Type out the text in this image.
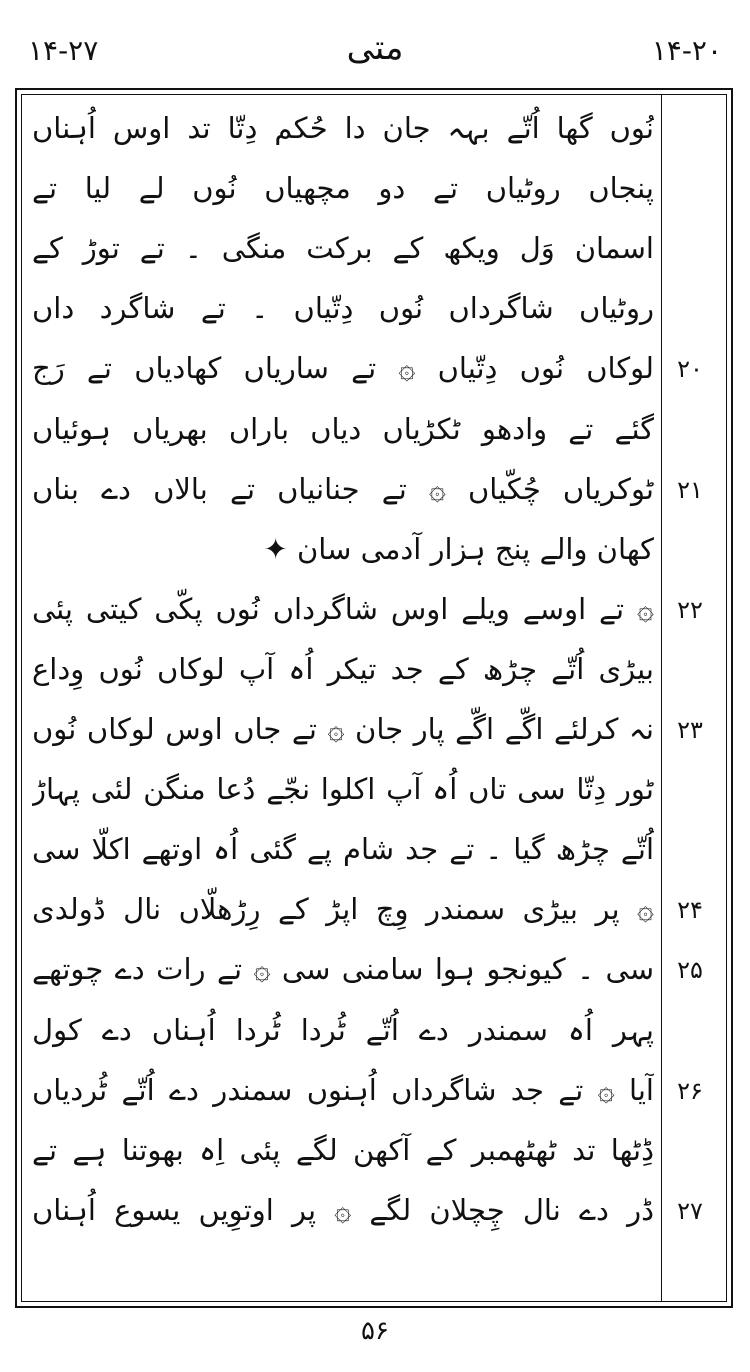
۱۴-۲۷	متی	۱۴-۲۰
۲۰
۲۱
۲۲
۲۳
۲۴
۲۵
۲۶
۲۷
نُوں گھا اُتّے بہہ جان دا حُکم دِتّا تد اوس اُہناں
پنجاں روٹیاں تے دو مچھیاں نُوں لے لیا تے
اسمان وَل ویکھ کے برکت منگی ۔ تے توڑ کے
روٹیاں شاگرداں نُوں دِتّیاں ۔ تے شاگرد داں
لوکاں نُوں دِتّیاں ۞ تے ساریاں کھادیاں تے رَج
گئے تے وادھو ٹکڑیاں دیاں باراں بھریاں ہوئیاں
ٹوکریاں چُکّیاں ۞ تے جنانیاں تے بالاں دے بناں
کھان والے پنج ہزار آدمی سان ✦
۞ تے اوسے ویلے اوس شاگرداں نُوں پکّی کیتی پئی
بیڑی اُتّے چڑھ کے جد تیکر اُہ آپ لوکاں نُوں وِداع
نہ کرلئے اگّے اگّے پار جان ۞ تے جاں اوس لوکاں نُوں
ٹور دِتّا سی تاں اُہ آپ اکلوا نجّے دُعا منگن لئی پہاڑ
اُتّے چڑھ گیا ۔ تے جد شام پے گئی اُہ اوتھے اکلّا سی
۞ پر بیڑی سمندر وِچ اپڑ کے رِڑھلّاں نال ڈولدی
سی ۔ کیونجو ہوا سامنی سی ۞ تے رات دے چوتھے
پہر اُہ سمندر دے اُتّے ٹُردا ٹُردا اُہناں دے کول
آیا ۞ تے جد شاگرداں اُہنوں سمندر دے اُتّے ٹُردیاں
ڈِٹھا تد ٹھٹھمبر کے آکھن لگے پئی اِہ بھوتنا ہے تے
ڈر دے نال چِچلان لگے ۞ پر اوتوِیں یسوع اُہناں
۵۶
